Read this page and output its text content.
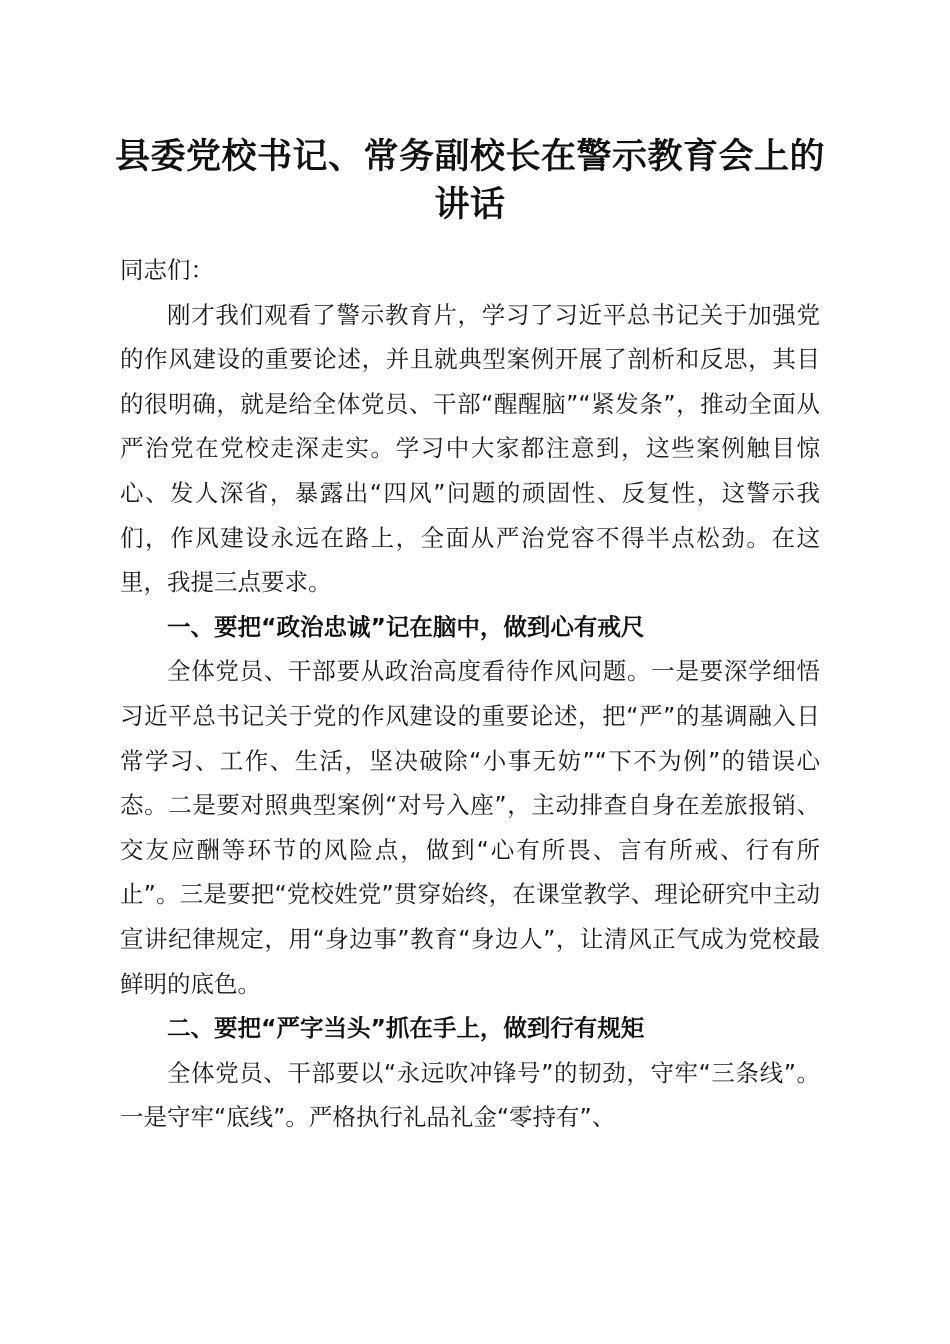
县委党校书记、常务副校长在警示教育会上的讲话

同志们：

刚才我们观看了警示教育片，学习了习近平总书记关于加强党的作风建设的重要论述，并且就典型案例开展了剖析和反思，其目的很明确，就是给全体党员、干部“醒醒脑”“紧发条”，推动全面从严治党在党校走深走实。学习中大家都注意到，这些案例触目惊心、发人深省，暴露出“四风”问题的顽固性、反复性，这警示我们，作风建设永远在路上，全面从严治党容不得半点松劲。在这里，我提三点要求。

一、要把“政治忠诚”记在脑中，做到心有戒尺

全体党员、干部要从政治高度看待作风问题。一是要深学细悟习近平总书记关于党的作风建设的重要论述，把“严”的基调融入日常学习、工作、生活，坚决破除“小事无妨”“下不为例”的错误心态。二是要对照典型案例“对号入座”，主动排查自身在差旅报销、交友应酬等环节的风险点，做到“心有所畏、言有所戒、行有所止”。三是要把“党校姓党”贯穿始终，在课堂教学、理论研究中主动宣讲纪律规定，用“身边事”教育“身边人”，让清风正气成为党校最鲜明的底色。

二、要把“严字当头”抓在手上，做到行有规矩

全体党员、干部要以“永远吹冲锋号”的韧劲，守牢“三条线”。一是守牢“底线”。严格执行礼品礼金“零持有”、
